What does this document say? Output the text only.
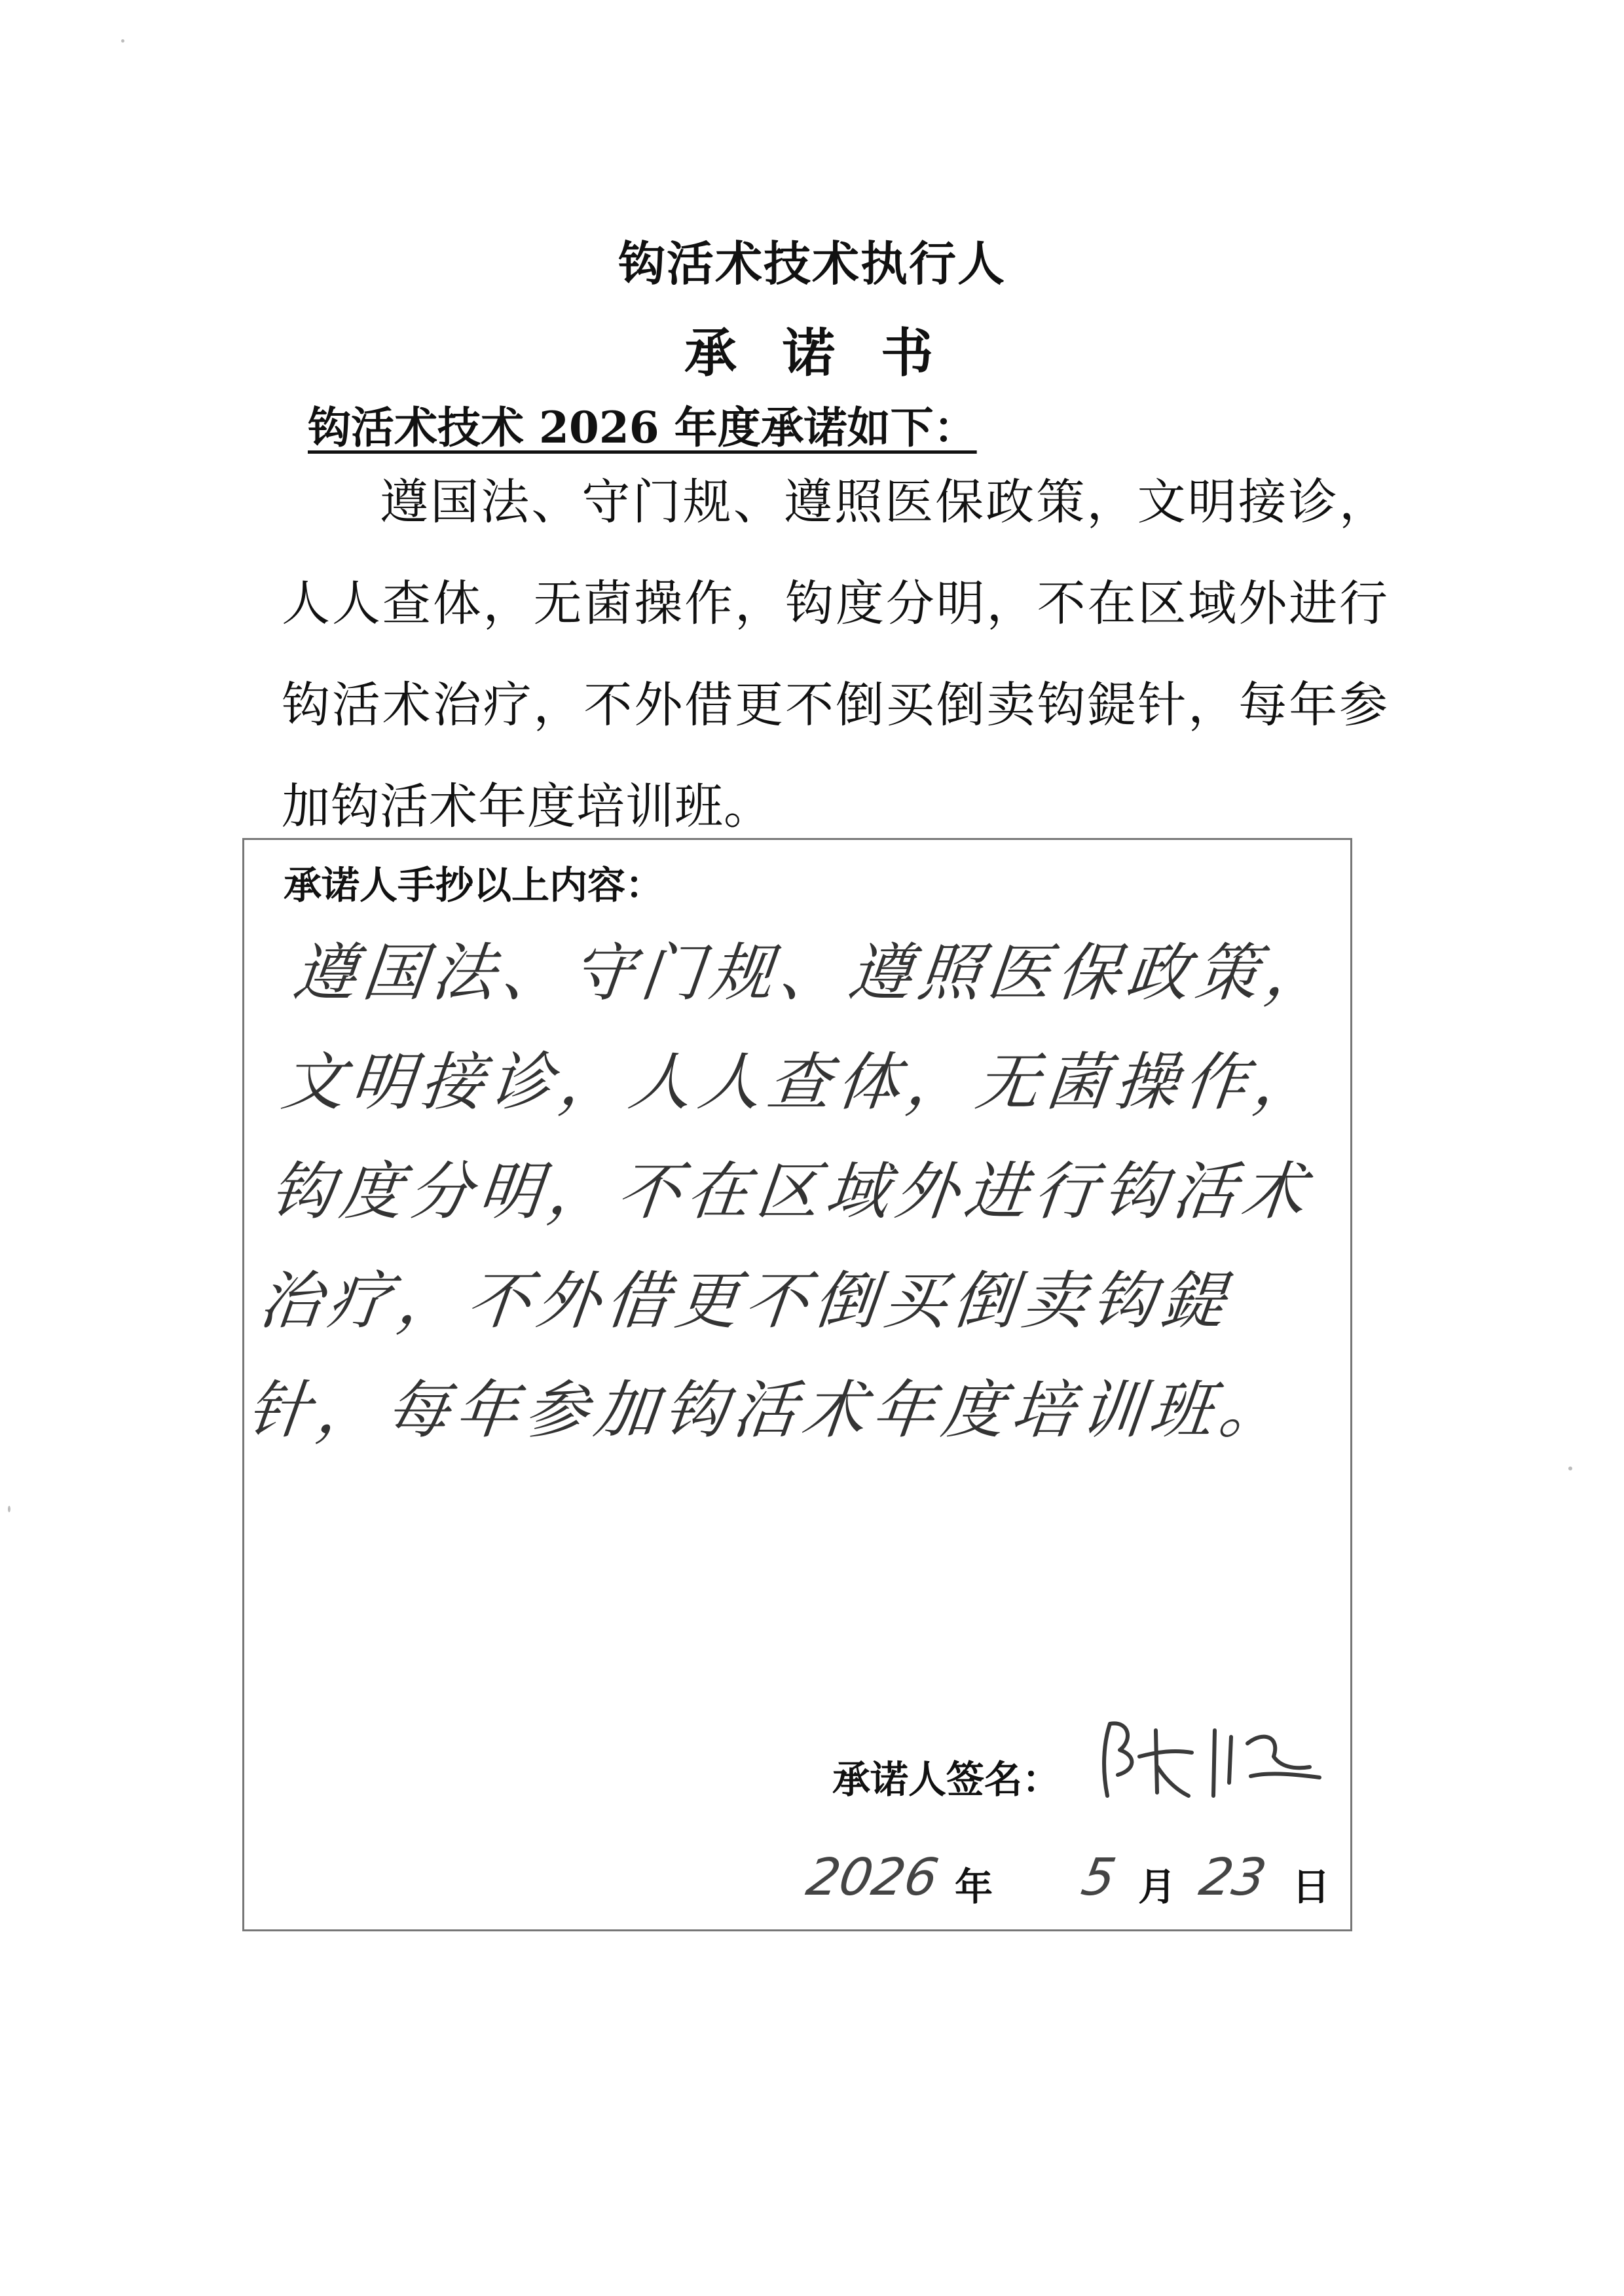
钩活术技术执行人
承诺书
钩活术技术 2026 年度承诺如下：
遵国法、守门规、遵照医保政策，文明接诊，人人查体，无菌操作，钩度分明，不在区域外进行钩活术治疗，不外借更不倒买倒卖钩鍉针，每年参加钩活术年度培训班。
承诺人手抄以上内容：
遵国法、守门规、遵照医保政策，文明接诊，人人查体，无菌操作，钩度分明，不在区域外进行钩活术治疗，不外借更不倒买倒卖钩鍉针，每年参加钩活术年度培训班。
承诺人签名：
2026 年 5 月 23 日
